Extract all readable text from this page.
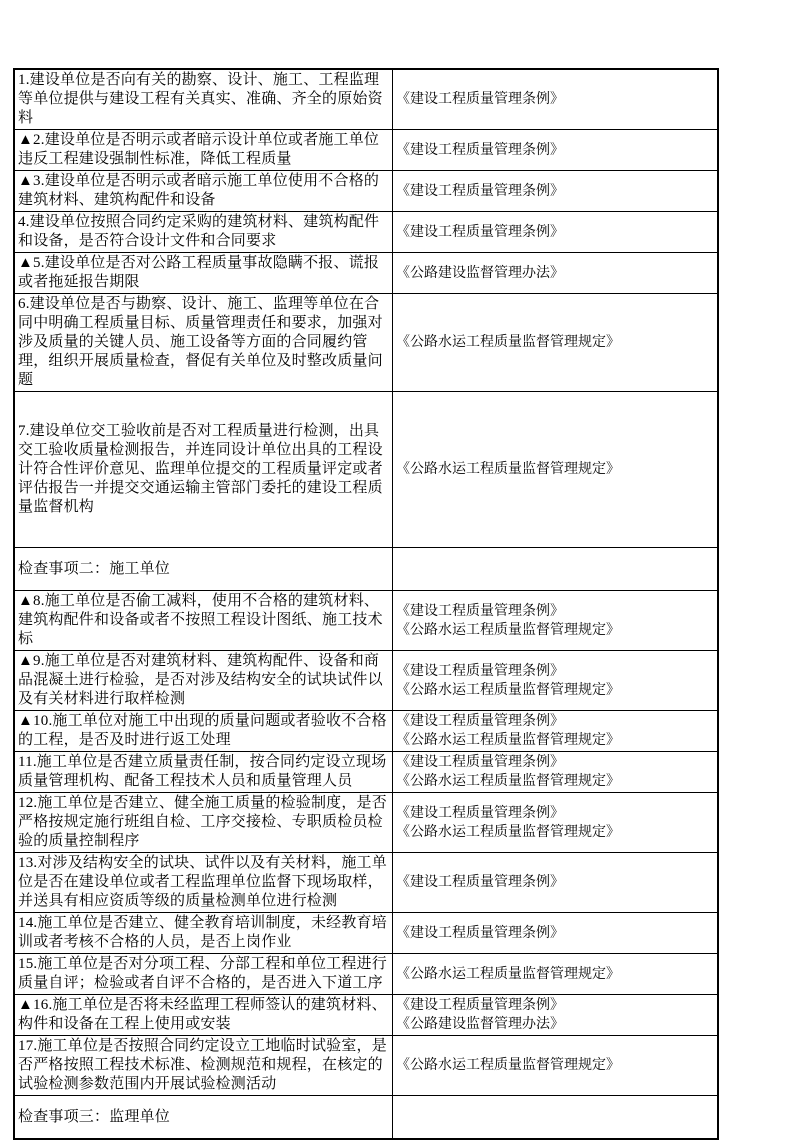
1.建设单位是否向有关的勘察、设计、施工、工程监理等单位提供与建设工程有关真实、准确、齐全的原始资料	《建设工程质量管理条例》

▲2.建设单位是否明示或者暗示设计单位或者施工单位违反工程建设强制性标准，降低工程质量	《建设工程质量管理条例》

▲3.建设单位是否明示或者暗示施工单位使用不合格的建筑材料、建筑构配件和设备	《建设工程质量管理条例》

4.建设单位按照合同约定采购的建筑材料、建筑构配件和设备，是否符合设计文件和合同要求	《建设工程质量管理条例》

▲5.建设单位是否对公路工程质量事故隐瞒不报、谎报或者拖延报告期限	《公路建设监督管理办法》

6.建设单位是否与勘察、设计、施工、监理等单位在合同中明确工程质量目标、质量管理责任和要求，加强对涉及质量的关键人员、施工设备等方面的合同履约管理，组织开展质量检查，督促有关单位及时整改质量问题	《公路水运工程质量监督管理规定》

7.建设单位交工验收前是否对工程质量进行检测，出具交工验收质量检测报告，并连同设计单位出具的工程设计符合性评价意见、监理单位提交的工程质量评定或者评估报告一并提交交通运输主管部门委托的建设工程质量监督机构	《公路水运工程质量监督管理规定》

检查事项二：施工单位	
▲8.施工单位是否偷工减料，使用不合格的建筑材料、建筑构配件和设备或者不按照工程设计图纸、施工技术标	《建设工程质量管理条例》
《公路水运工程质量监督管理规定》

▲9.施工单位是否对建筑材料、建筑构配件、设备和商品混凝土进行检验，是否对涉及结构安全的试块试件以及有关材料进行取样检测	《建设工程质量管理条例》
《公路水运工程质量监督管理规定》

▲10.施工单位对施工中出现的质量问题或者验收不合格的工程，是否及时进行返工处理	《建设工程质量管理条例》
《公路水运工程质量监督管理规定》

11.施工单位是否建立质量责任制，按合同约定设立现场质量管理机构、配备工程技术人员和质量管理人员	《建设工程质量管理条例》
《公路水运工程质量监督管理规定》

12.施工单位是否建立、健全施工质量的检验制度，是否严格按规定施行班组自检、工序交接检、专职质检员检验的质量控制程序	《建设工程质量管理条例》
《公路水运工程质量监督管理规定》

13.对涉及结构安全的试块、试件以及有关材料，施工单位是否在建设单位或者工程监理单位监督下现场取样，并送具有相应资质等级的质量检测单位进行检测	《建设工程质量管理条例》

14.施工单位是否建立、健全教育培训制度，未经教育培训或者考核不合格的人员，是否上岗作业	《建设工程质量管理条例》

15.施工单位是否对分项工程、分部工程和单位工程进行质量自评；检验或者自评不合格的，是否进入下道工序	《公路水运工程质量监督管理规定》

▲16.施工单位是否将未经监理工程师签认的建筑材料、构件和设备在工程上使用或安装	《建设工程质量管理条例》
《公路建设监督管理办法》

17.施工单位是否按照合同约定设立工地临时试验室，是否严格按照工程技术标准、检测规范和规程，在核定的试验检测参数范围内开展试验检测活动	《公路水运工程质量监督管理规定》

检查事项三：监理单位	
